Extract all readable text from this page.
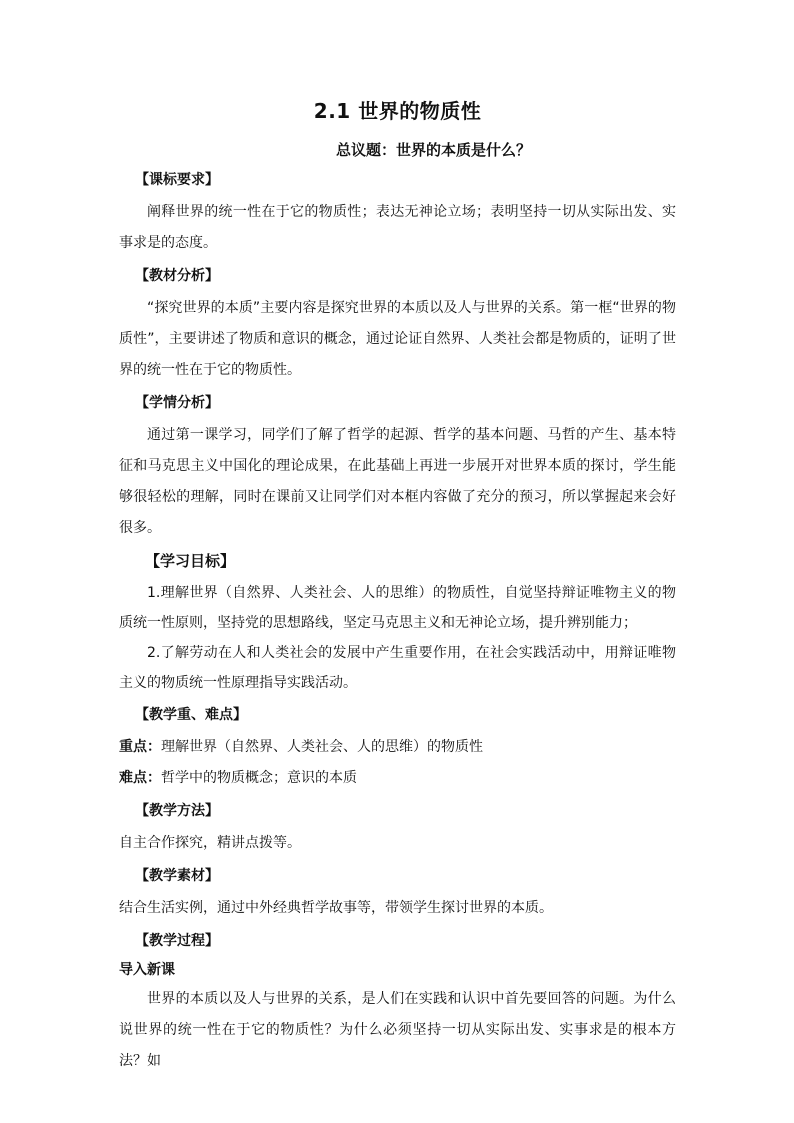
2.1 世界的物质性
总议题：世界的本质是什么？
【课标要求】

阐释世界的统一性在于它的物质性；表达无神论立场；表明坚持一切从实际出发、实事求是的态度。

【教材分析】

“探究世界的本质”主要内容是探究世界的本质以及人与世界的关系。第一框“世界的物质性”，主要讲述了物质和意识的概念，通过论证自然界、人类社会都是物质的，证明了世界的统一性在于它的物质性。

【学情分析】

通过第一课学习，同学们了解了哲学的起源、哲学的基本问题、马哲的产生、基本特征和马克思主义中国化的理论成果，在此基础上再进一步展开对世界本质的探讨，学生能够很轻松的理解，同时在课前又让同学们对本框内容做了充分的预习，所以掌握起来会好很多。

【学习目标】

1.理解世界（自然界、人类社会、人的思维）的物质性，自觉坚持辩证唯物主义的物质统一性原则，坚持党的思想路线，坚定马克思主义和无神论立场，提升辨别能力；

2.了解劳动在人和人类社会的发展中产生重要作用，在社会实践活动中，用辩证唯物主义的物质统一性原理指导实践活动。

【教学重、难点】

重点：理解世界（自然界、人类社会、人的思维）的物质性

难点：哲学中的物质概念；意识的本质

【教学方法】

自主合作探究，精讲点拨等。

【教学素材】

结合生活实例，通过中外经典哲学故事等，带领学生探讨世界的本质。

【教学过程】
导入新课

世界的本质以及人与世界的关系，是人们在实践和认识中首先要回答的问题。为什么说世界的统一性在于它的物质性？为什么必须坚持一切从实际出发、实事求是的根本方法？如
